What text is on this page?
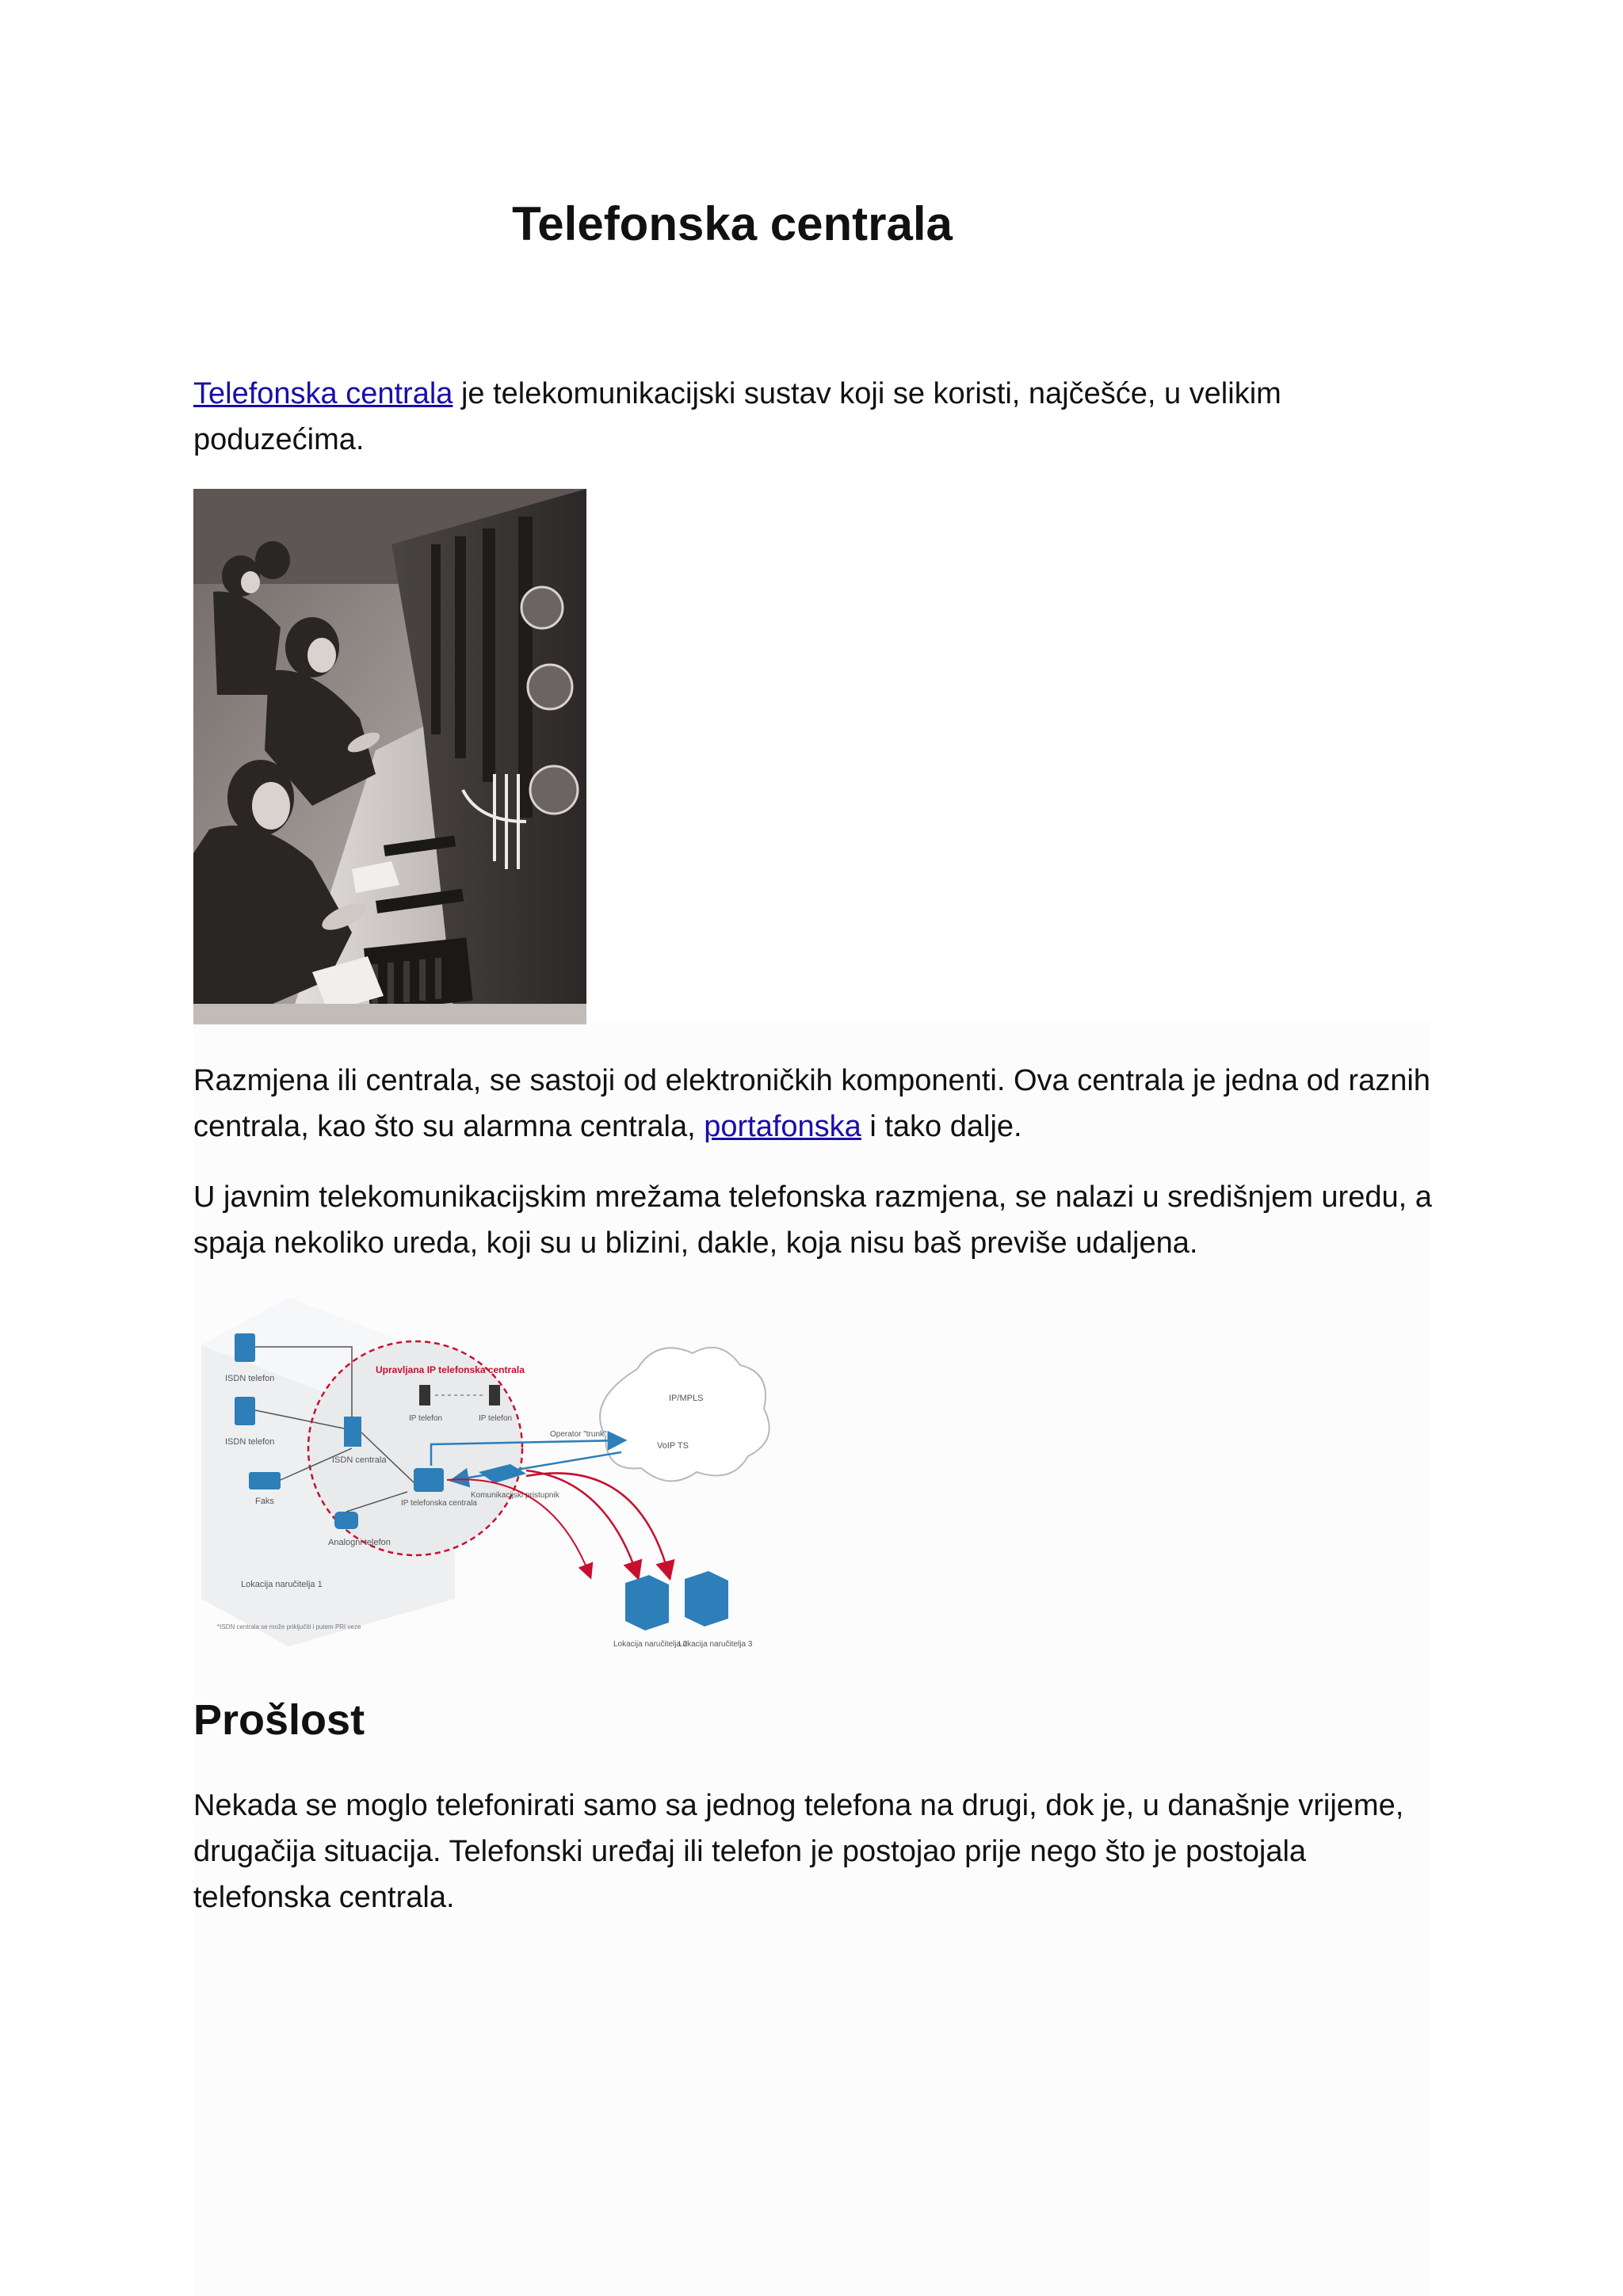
Telefonska centrala

Telefonska centrala je telekomunikacijski sustav koji se koristi, najčešće, u velikim poduzećima.

Razmjena ili centrala, se sastoji od elektroničkih komponenti. Ova centrala je jedna od raznih centrala, kao što su alarmna centrala, portafonska i tako dalje.

U javnim telekomunikacijskim mrežama telefonska razmjena, se nalazi u središnjem uredu, a spaja nekoliko ureda, koji su u blizini, dakle, koja nisu baš previše udaljena.

ISDN telefon
ISDN telefon
ISDN centrala
Faks
Analogni telefon
Lokacija naručitelja 1
Upravljana IP telefonska centrala
IP telefon	IP telefon
IP telefonska centrala
Komunikacijski pristupnik
IP/MPLS
VoIP TS
Operator "trunk"
Lokacija naručitelja 2
Lokacija naručitelja 3
*ISDN centrala se može priključiti i putem PRI veze
Prošlost

Nekada se moglo telefonirati samo sa jednog telefona na drugi, dok je, u današnje vrijeme, drugačija situacija. Telefonski uređaj ili telefon je postojao prije nego što je postojala telefonska centrala.
